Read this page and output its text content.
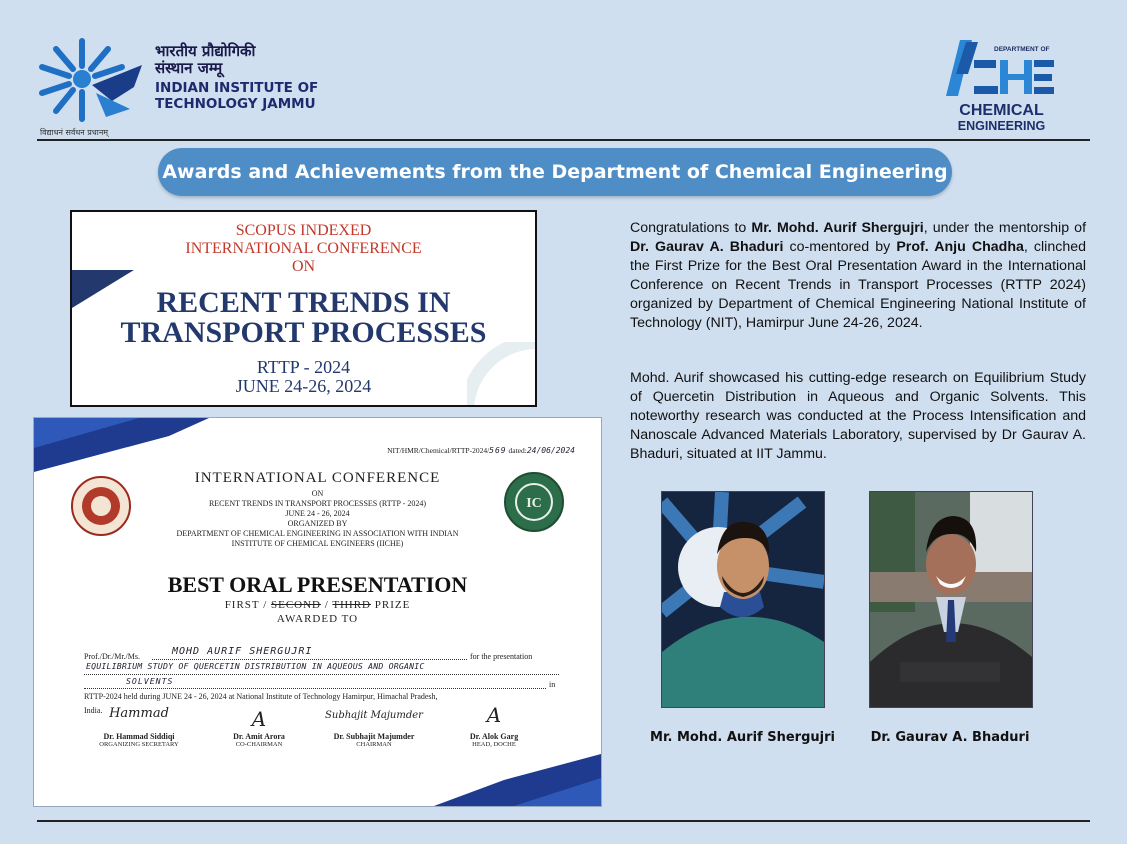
भारतीय प्रौद्योगिकी
संस्थान जम्मू
INDIAN INSTITUTE OF
TECHNOLOGY JAMMU
विद्याधनं सर्वधन प्रधानम्
DEPARTMENT OF
CHEMICAL
ENGINEERING
Awards and Achievements from the Department of Chemical Engineering
SCOPUS INDEXED
INTERNATIONAL CONFERENCE
ON
RECENT TRENDS IN
TRANSPORT PROCESSES
RTTP - 2024
JUNE 24-26, 2024
NIT/HMR/Chemical/RTTP-2024/569 dated:24/06/2024
IC
INTERNATIONAL CONFERENCE
ON
RECENT TRENDS IN TRANSPORT PROCESSES (RTTP - 2024)
JUNE 24 - 26, 2024
ORGANIZED BY
DEPARTMENT OF CHEMICAL ENGINEERING IN ASSOCIATION WITH INDIAN
INSTITUTE OF CHEMICAL ENGINEERS (IICHE)
BEST ORAL PRESENTATION
FIRST / SECOND / THIRD PRIZE
AWARDED TO
Prof./Dr./Mr./Ms.	MOHD AURIF SHERGUJRI	for the presentation
EQUILIBRIUM STUDY OF QUERCETIN DISTRIBUTION IN AQUEOUS AND ORGANIC
SOLVENTS	in
RTTP-2024 held during JUNE 24 - 26, 2024 at National Institute of Technology Hamirpur, Himachal Pradesh,
India. Hammad
Dr. Hammad Siddiqi
ORGANIZING SECRETARY
A
Dr. Amit Arora
CO-CHAIRMAN
Subhajit Majumder
Dr. Subhajit Majumder
CHAIRMAN
A
Dr. Alok Garg
HEAD, DOCHE
Congratulations to Mr. Mohd. Aurif Shergujri, under the mentorship of Dr. Gaurav A. Bhaduri co-mentored by Prof. Anju Chadha, clinched the First Prize for the Best Oral Presentation Award in the International Conference on Recent Trends in Transport Processes (RTTP 2024) organized by Department of Chemical Engineering National Institute of Technology (NIT), Hamirpur June 24-26, 2024.
Mohd. Aurif showcased his cutting-edge research on Equilibrium Study of Quercetin Distribution in Aqueous and Organic Solvents. This noteworthy research was conducted at the Process Intensification and Nanoscale Advanced Materials Laboratory, supervised by Dr Gaurav A. Bhaduri, situated at IIT Jammu.
Mr. Mohd. Aurif Shergujri	Dr. Gaurav A. Bhaduri
